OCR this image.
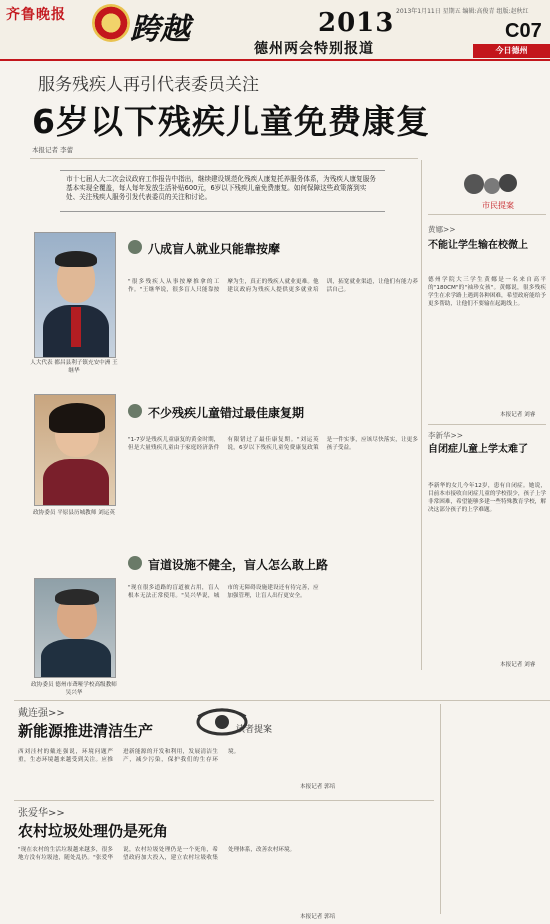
齐鲁晚报 跨越	2013
德州两会特别报道
2013年1月11日 星期五 编辑:高俊青 组版:赵秋红
C07
今日德州
服务残疾人再引代表委员关注
6岁以下残疾儿童免费康复
本报记者 李蕾
市十七届人大二次会议政府工作报告中指出，继续建设规范化残疾人康复托养服务体系，为残疾人康复服务基本实现全覆盖，每人每年发放生活补贴600元，6岁以下残疾儿童免费康复。如何保障这些政策落到实处、关注残疾人服务引发代表委员的关注和讨论。
人大代表 都昌县利子镇充安中洲 王继华
八成盲人就业只能靠按摩
"很多残疾人从事按摩推拿的工作。"王继华说，很多盲人只能靠按摩为生，真正的残疾人就业更难。他建议政府为残疾人提供更多就业培训，拓宽就业渠道，让他们有能力养活自己。
政协委员 平原县历城教师 刘运英
不少残疾儿童错过最佳康复期
"1-7岁是残疾儿童康复的黄金时期，但是大量残疾儿童由于家庭经济条件有限错过了最佳康复期。"刘运英说，6岁以下残疾儿童免费康复政策是一件实事，应该尽快落实，让更多孩子受益。
政协委员 德州市聋哑学校高级教师 吴兴华
盲道设施不健全，盲人怎么敢上路
"现在很多道路的盲道被占用，盲人根本无法正常使用。"吴兴华说，城市的无障碍设施建设还有待完善，应加强管理，让盲人出行更安全。
市民提案
黄娜>>
不能让学生输在校微上
德州学院大三学生黄娜是一名来自高平的"180CM"的"袖珍女孩"。黄娜说，很多残疾学生在求学路上遇到各种困难，希望政府能给予更多帮助，让他们不要输在起跑线上。
本报记者 刘睿
李新华>>
自闭症儿童上学太难了
李新华的女儿今年12岁，患有自闭症。她说，目前本市接收自闭症儿童的学校很少，孩子上学非常困难，希望能够多建一些特殊教育学校，解决这部分孩子的上学难题。
本报记者 刘睿
读者提案
戴连强>>
新能源推进清洁生产
西刘洼村的戴连强说，环境问题严重，生态环境越来越受到关注。应推进新能源的开发和利用，发展清洁生产，减少污染，保护我们的生存环境。
本报记者 郭培
张爱华>>
农村垃圾处理仍是死角
"现在农村的生活垃圾越来越多，很多地方没有垃圾池，随处乱扔。"张爱华说，农村垃圾处理仍是一个死角，希望政府加大投入，建立农村垃圾收集处理体系，改善农村环境。
本报记者 郭培
